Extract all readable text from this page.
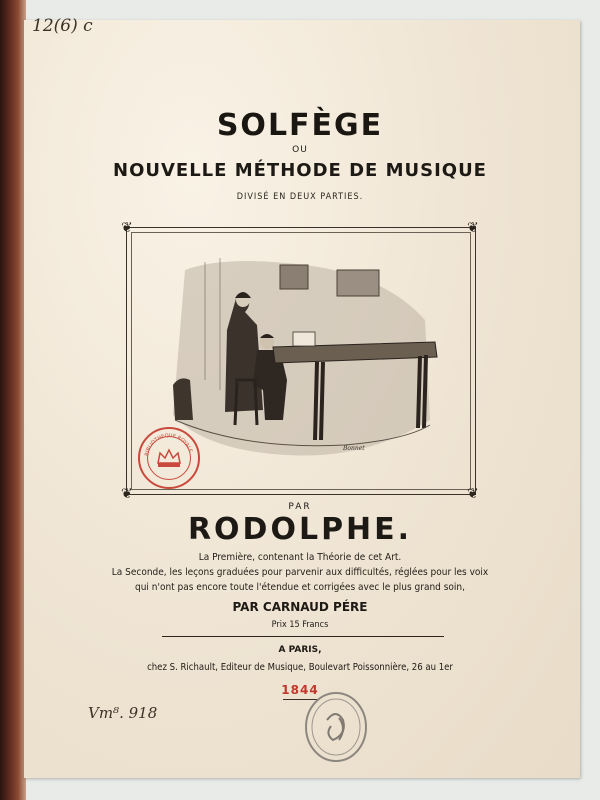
12(6) c
SOLFÈGE
OU
NOUVELLE MÉTHODE DE MUSIQUE
DIVISÉ EN DEUX PARTIES.
❦	❦
❦	❦
Bonnet
BIBLIOTHEQUE ROYALE
PAR
RODOLPHE.
La Première, contenant la Théorie de cet Art.
La Seconde, les leçons graduées pour parvenir aux difficultés, réglées pour les voix
qui n'ont pas encore toute l'étendue et corrigées avec le plus grand soin,
PAR CARNAUD PÉRE
Prix 15 Francs
A PARIS,
chez S. Richault, Editeur de Musique, Boulevart Poissonnière, 26 au 1er
1844
Vm⁸. 918
